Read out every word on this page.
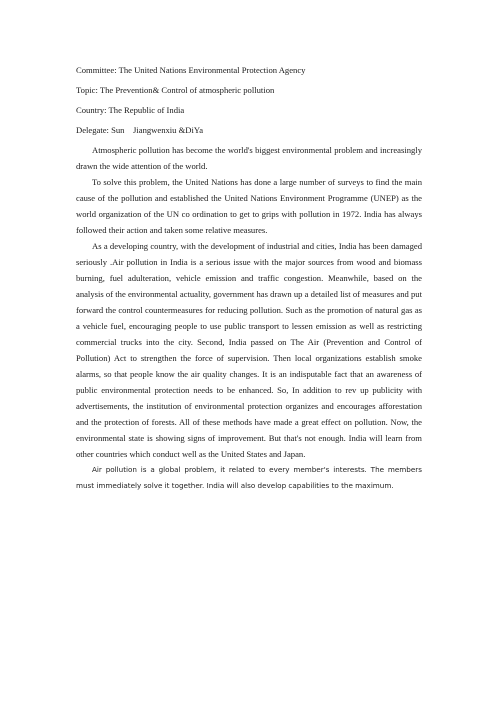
Committee: The United Nations Environmental Protection Agency

Topic: The Prevention& Control of atmospheric pollution

Country: The Republic of India

Delegate: Sun    Jiangwenxiu &DiYa

Atmospheric pollution has become the world's biggest environmental problem and increasingly drawn the wide attention of the world.

To solve this problem, the United Nations has done a large number of surveys to find the main cause of the pollution and established the United Nations Environment Programme (UNEP) as the world organization of the UN co ordination to get to grips with pollution in 1972. India has always followed their action and taken some relative measures.

As a developing country, with the development of industrial and cities, India has been damaged seriously .Air pollution in India is a serious issue with the major sources from wood and biomass burning, fuel adulteration, vehicle emission and traffic congestion. Meanwhile, based on the analysis of the environmental actuality, government has drawn up a detailed list of measures and put forward the control countermeasures for reducing pollution. Such as the promotion of natural gas as a vehicle fuel, encouraging people to use public transport to lessen emission as well as restricting commercial trucks into the city. Second, India passed on The Air (Prevention and Control of Pollution) Act to strengthen the force of supervision. Then local organizations establish smoke alarms, so that people know the air quality changes. It is an indisputable fact that an awareness of public environmental protection needs to be enhanced. So, In addition to rev up publicity with advertisements, the institution of environmental protection organizes and encourages afforestation and the protection of forests. All of these methods have made a great effect on pollution. Now, the environmental state is showing signs of improvement. But that's not enough. India will learn from other countries which conduct well as the United States and Japan.

Air pollution is a global problem, it related to every member's interests. The members must immediately solve it together. India will also develop capabilities to the maximum.
